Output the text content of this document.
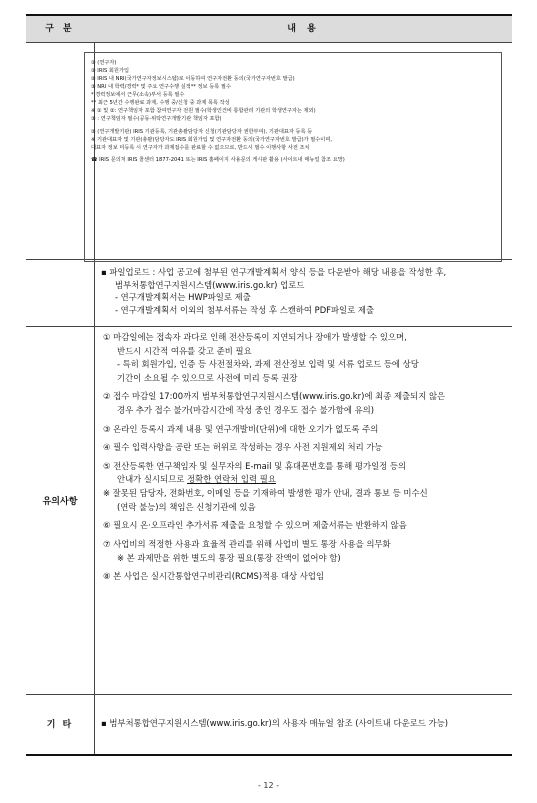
구 분	내 용

① (연구자)

① IRIS 회원가입

② IRIS 내 NRI(국가연구자정보시스템)로 이동하여 연구자전환 동의(국가연구자번호 발급)

③ NRI 내 학력/경력* 및 주요 연구수행 실적** 정보 등록 필수

* 경력정보에서 근무(소속)부서 등록 필수

** 최근 5년간 수행완료 과제, 수행 중/신청 중 과제 목록 작성

※ ① 및 ②: 연구책임자 포함 참여연구자 전원 필수(학생인건비 통합관리 기관의 학생연구자는 제외)

③ : 연구책임자 필수(공동·위탁연구개발기관 책임자 포함)

② (연구개발기관) IRIS 기관등록, 기관총괄담당자 신청(기관담당자 권한부여), 기관대표자 등록 등

※ 기관대표자 및 기관(총괄)담당자도 IRIS 회원가입 및 연구자전환 동의(국가연구자번호 발급)가 필수이며,

대표자 정보 미등록 시 연구자가 과제접수를 완료할 수 없으므로, 반드시 필수 이행사항 사전 조치

☎ IRIS 문의처 IRIS 콜센터 1877-2041 또는 IRIS 홈페이지 사용문의 게시판 활용 (사이트내 매뉴얼 참조 요망)

▪ 파일업로드 : 사업 공고에 첨부된 연구개발계획서 양식 등을 다운받아 해당 내용을 작성한 후,

범부처통합연구지원시스템(www.iris.go.kr) 업로드

- 연구개발계획서는 HWP파일로 제출

- 연구개발계획서 이외의 첨부서류는 작성 후 스캔하여 PDF파일로 제출

유의사항

① 마감일에는 접속자 과다로 인해 전산등록이 지연되거나 장애가 발생할 수 있으며,

반드시 시간적 여유를 갖고 준비 필요

- 특히 회원가입, 인증 등 사전절차와, 과제 전산정보 입력 및 서류 업로드 등에 상당

기간이 소요될 수 있으므로 사전에 미리 등록 권장

② 접수 마감일 17:00까지 범부처통합연구지원시스템(www.iris.go.kr)에 최종 제출되지 않은

경우 추가 접수 불가(마감시간에 작성 중인 경우도 접수 불가함에 유의)

③ 온라인 등록시 과제 내용 및 연구개발비(단위)에 대한 오기가 없도록 주의

④ 필수 입력사항을 공란 또는 허위로 작성하는 경우 사전 지원제외 처리 가능

⑤ 전산등록한 연구책임자 및 실무자의 E-mail 및 휴대폰번호를 통해 평가일정 등의

안내가 실시되므로 정확한 연락처 입력 필요

※ 잘못된 담당자, 전화번호, 이메일 등을 기재하여 발생한 평가 안내, 결과 통보 등 미수신

(연락 불능)의 책임은 신청기관에 있음

⑥ 필요시 온·오프라인 추가서류 제출을 요청할 수 있으며 제출서류는 반환하지 않음

⑦ 사업비의 적정한 사용과 효율적 관리를 위해 사업비 별도 통장 사용을 의무화

※ 본 과제만을 위한 별도의 통장 필요(통장 잔액이 없어야 함)

⑧ 본 사업은 실시간통합연구비관리(RCMS)적용 대상 사업임

기 타	▪ 범부처통합연구지원시스템(www.iris.go.kr)의 사용자 매뉴얼 참조 (사이트내 다운로드 가능)
- 12 -
